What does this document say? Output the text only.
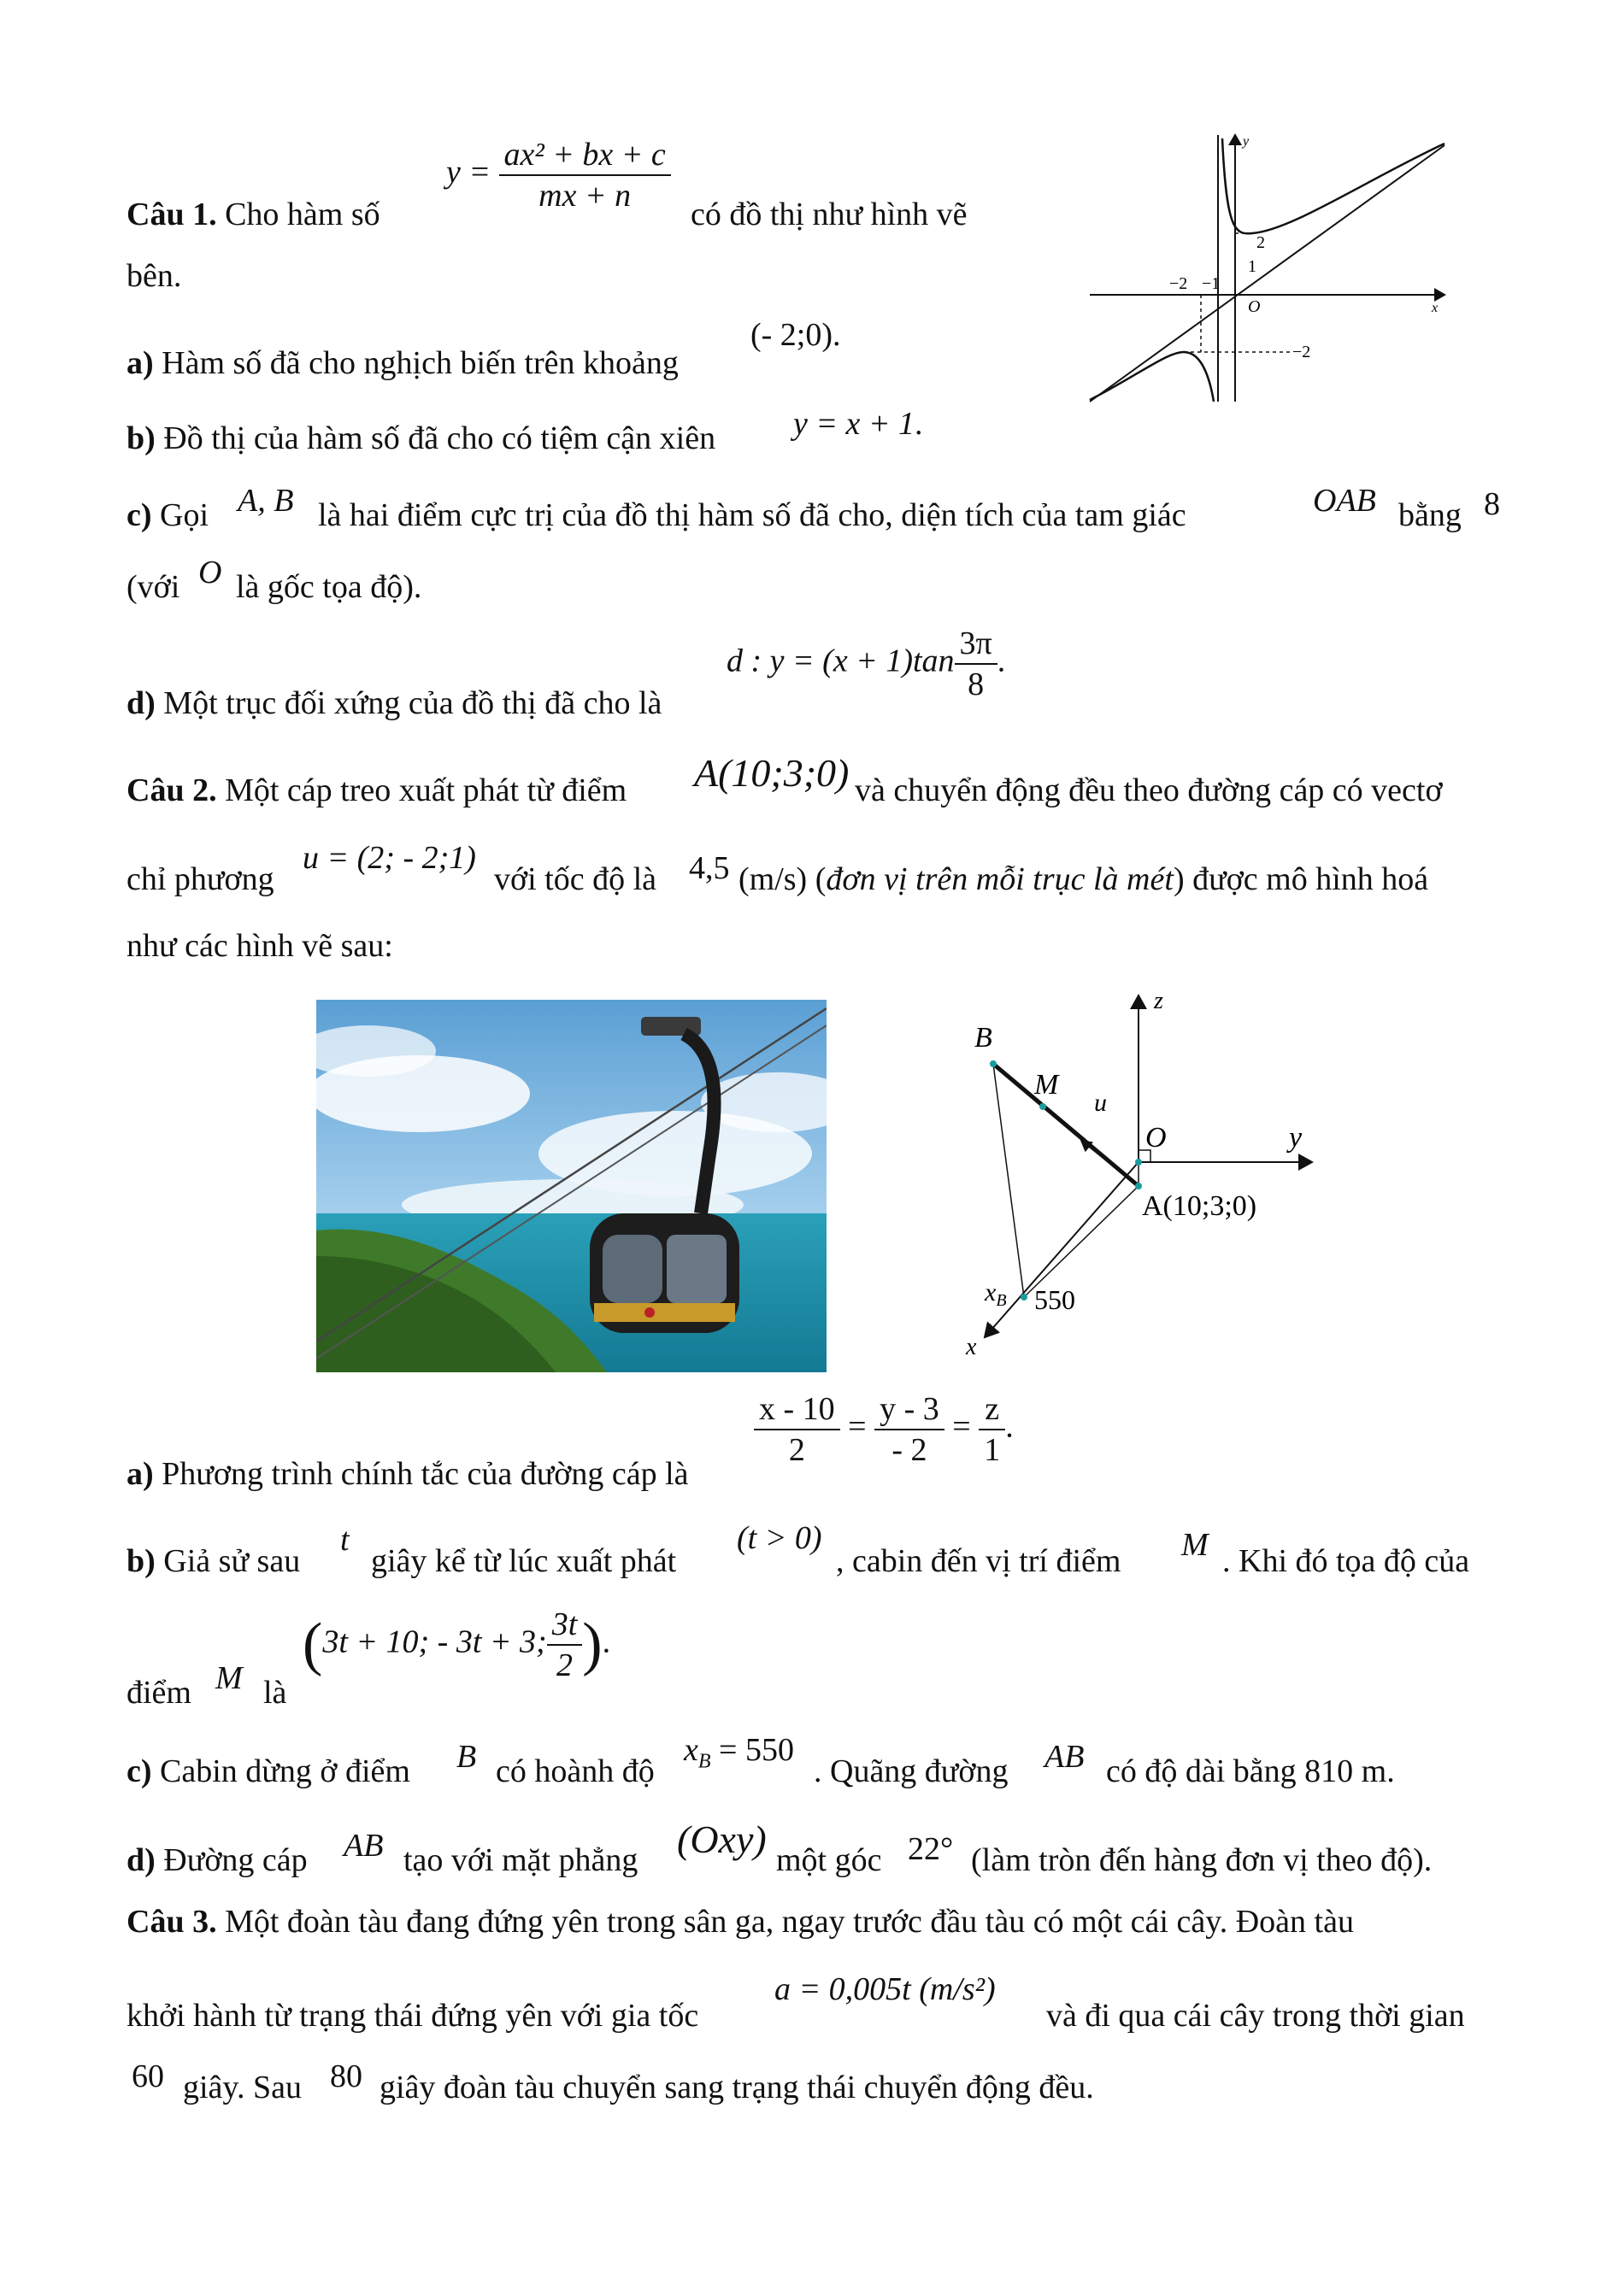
Câu 1. Cho hàm số
$y = \frac{\text{ax² + bx + c}}{mx + n}$ có đồ thị như hình vẽ
bên.
y
x
O
−2 −1
2
1
−2
a) Hàm số đã cho nghịch biến trên khoảng
(- 2;0).
b) Đồ thị của hàm số đã cho có tiệm cận xiên y = x + 1.
c) Gọi A, B là hai điểm cực trị của đồ thị hàm số đã cho, diện tích của tam giác	OAB bằng 8
(với O là gốc tọa độ).
d) Một trục đối xứng của đồ thị đã cho là
d : $y = (x + 1)\tan \frac{3\pi}{8}$ .
Câu 2. Một cáp treo xuất phát từ điểm A(10;3;0) và chuyển động đều theo đường cáp có vectơ
chỉ phương
u = (2; - 2;1)
với tốc độ là 4,5 (m/s) (đơn vị trên mỗi trục là mét) được mô hình hoá
như các hình vẽ sau:
B
M
u⃗
O
z
y
x
A(10;3;0)
$x_B$ 550
a) Phương trình chính tắc của đường cáp là
$\frac{x - 10}{2} = \frac{y - 3}{- 2} = \frac{z}{1}$ .
b) Giả sử sau
t
giây kể từ lúc xuất phát
(t > 0)
, cabin đến vị trí điểm M . Khi đó tọa độ của
điểm M là
(3t + 10; - 3t + 3; $\frac{3t}{2}$ ).
c) Cabin dừng ở điểm B có hoành độ
$x_B = 550$
. Quãng đường AB có độ dài bằng 810 m.
d) Đường cáp AB tạo với mặt phẳng (Oxy) một góc 22° (làm tròn đến hàng đơn vị theo độ).
Câu 3. Một đoàn tàu đang đứng yên trong sân ga, ngay trước đầu tàu có một cái cây. Đoàn tàu
khởi hành từ trạng thái đứng yên với gia tốc
a = 0,005t (m/s²)
và đi qua cái cây trong thời gian
60 giây. Sau 80 giây đoàn tàu chuyển sang trạng thái chuyển động đều.
